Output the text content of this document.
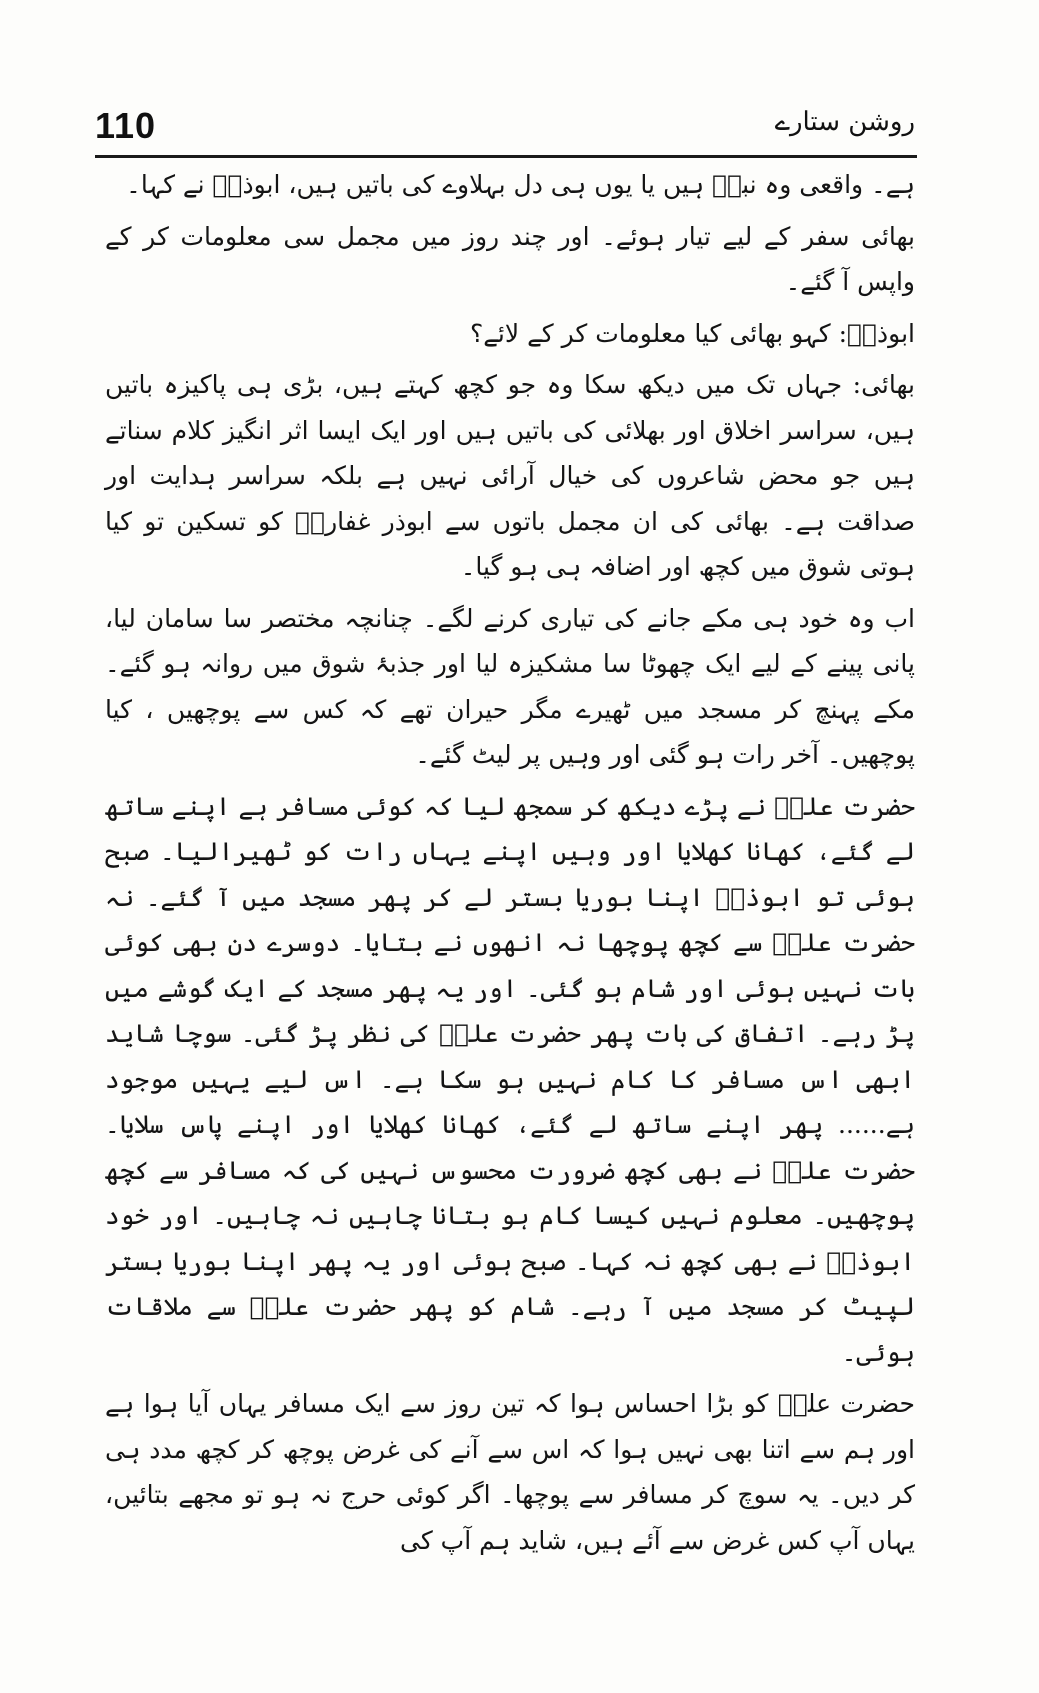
110	روشن ستارے

ہے۔ واقعی وہ نبیؐ ہیں یا یوں ہی دل بہلاوے کی باتیں ہیں، ابوذرؓ نے کہا۔

بھائی سفر کے لیے تیار ہوئے۔ اور چند روز میں مجمل سی معلومات کر کے واپس آ گئے۔

ابوذرؓ: کہو بھائی کیا معلومات کر کے لائے؟

بھائی: جہاں تک میں دیکھ سکا وہ جو کچھ کہتے ہیں، بڑی ہی پاکیزہ باتیں ہیں، سراسر اخلاق اور بھلائی کی باتیں ہیں اور ایک ایسا اثر انگیز کلام سناتے ہیں جو محض شاعروں کی خیال آرائی نہیں ہے بلکہ سراسر ہدایت اور صداقت ہے۔ بھائی کی ان مجمل باتوں سے ابوذر غفاریؓ کو تسکین تو کیا ہوتی شوق میں کچھ اور اضافہ ہی ہو گیا۔

اب وہ خود ہی مکے جانے کی تیاری کرنے لگے۔ چنانچہ مختصر سا سامان لیا، پانی پینے کے لیے ایک چھوٹا سا مشکیزہ لیا اور جذبۂ شوق میں روانہ ہو گئے۔ مکے پہنچ کر مسجد میں ٹھیرے مگر حیران تھے کہ کس سے پوچھیں ، کیا پوچھیں۔ آخر رات ہو گئی اور وہیں پر لیٹ گئے۔

حضرت علیؓ نے پڑے دیکھ کر سمجھ لیا کہ کوئی مسافر ہے اپنے ساتھ لے گئے، کھانا کھلایا اور وہیں اپنے یہاں رات کو ٹھیرالیا۔ صبح ہوئی تو ابوذرؓ اپنا بوریا بستر لے کر پھر مسجد میں آ گئے۔ نہ حضرت علیؓ سے کچھ پوچھا نہ انھوں نے بتایا۔ دوسرے دن بھی کوئی بات نہیں ہوئی اور شام ہو گئی۔ اور یہ پھر مسجد کے ایک گوشے میں پڑ رہے۔ اتفاق کی بات پھر حضرت علیؓ کی نظر پڑ گئی۔ سوچا شاید ابھی اس مسافر کا کام نہیں ہو سکا ہے۔ اس لیے یہیں موجود ہے...... پھر اپنے ساتھ لے گئے، کھانا کھلایا اور اپنے پاس سلایا۔ حضرت علیؓ نے بھی کچھ ضرورت محسوس نہیں کی کہ مسافر سے کچھ پوچھیں۔ معلوم نہیں کیسا کام ہو بتانا چاہیں نہ چاہیں۔ اور خود ابوذرؓ نے بھی کچھ نہ کہا۔ صبح ہوئی اور یہ پھر اپنا بوریا بستر لپیٹ کر مسجد میں آ رہے۔ شام کو پھر حضرت علیؓ سے ملاقات ہوئی۔

حضرت علیؓ کو بڑا احساس ہوا کہ تین روز سے ایک مسافر یہاں آیا ہوا ہے اور ہم سے اتنا بھی نہیں ہوا کہ اس سے آنے کی غرض پوچھ کر کچھ مدد ہی کر دیں۔ یہ سوچ کر مسافر سے پوچھا۔ اگر کوئی حرج نہ ہو تو مجھے بتائیں، یہاں آپ کس غرض سے آئے ہیں، شاید ہم آپ کی
